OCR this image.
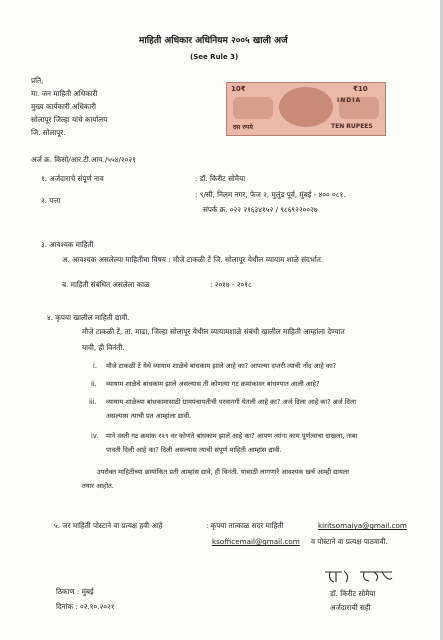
माहिती अधिकार अधिनियम २००५ खाली अर्ज
(See Rule 3)
प्रति,
मा. जन माहिती अधिकारी
मुख्य कार्यकारी अधिकारी
सोलापूर जिल्हा यांचे कार्यालय
जि. सोलापूर.
10₹	₹10
INDIA
दस रुपये	TEN RUPEES
अर्ज क्र. किसो/आर.टी.आय./५५४/२०२१
१. अर्जदाराचे संपूर्ण नाव	: डॉ. किरीट सोमैया
२. पत्ता
: ९/सी, निलम नगर, फेज २, मुलुंड पूर्व, मुंबई - ४०० ०८१.
संपर्क क्र. ०२२ २१६३४१५२ / ९८६९२२००२७
३. आवश्यक माहिती
अ. आवश्यक असलेल्या माहितीचा विषय : मौजे टाकळी टें जि. सोलापूर येथील व्यायाम शाळे संदर्भात.
ब. माहिती संबंधित असलेला काळ	: २०१७ - २०१८
४. कृपया खालील माहिती द्यावी.
मौजे टाकळी टें, ता. माढा, जिल्हा सोलापूर येथील व्यायामशाळे संबंधी खालील माहिती आम्हांला देण्यात
यावी, ही विनंती.
i. मौजे टाकळी टें येथे व्यायाम शाळेचे बांधकाम झाले आहे का? आपल्या दप्तरी त्याची नोंद आहे का?
ii. व्यायाम शाळेचे बांधकाम झाले असल्यास ती कोणत्या गट क्रमांकावर बांधण्यात आली आहे?
iii. व्यायाम शाळेच्या बांधकामासाठी ग्रामपंचायतीची परवानगी घेतली आहे का? अर्ज दिला आहे का? अर्ज दिला
असल्यास त्याची प्रत आम्हांला द्यावी.
iv. माने वस्ती गट क्रमांक ११९ वर कोणते बांधकाम झाले आहे का? आपण त्यांना काम पूर्णत्वाचा दाखला, ताबा
पावती दिली आहे का? दिली असल्यास त्याची संपूर्ण माहिती आम्हांस द्यावी.
उपरोक्त माहितीच्या छायांकित प्रती आम्हांस द्यावे, ही विनंती. यासाठी लागणारे आवश्यक खर्च आम्ही द्यायला
तयार आहोत.
५. जर माहिती पोस्टाने वा प्रत्यक्ष हवी आहे	: कृपया तात्काळ सदर माहिती	kiritsomaiya@gmail.com
ksofficemail@gmail.com व पोस्टाने वा प्रत्यक्ष पाठवावी.
ठिकाण : मुंबई
दिनांक : ०२.१०.२०२१
डॉ. किरीट सोमैया
अर्जदाराची सही
